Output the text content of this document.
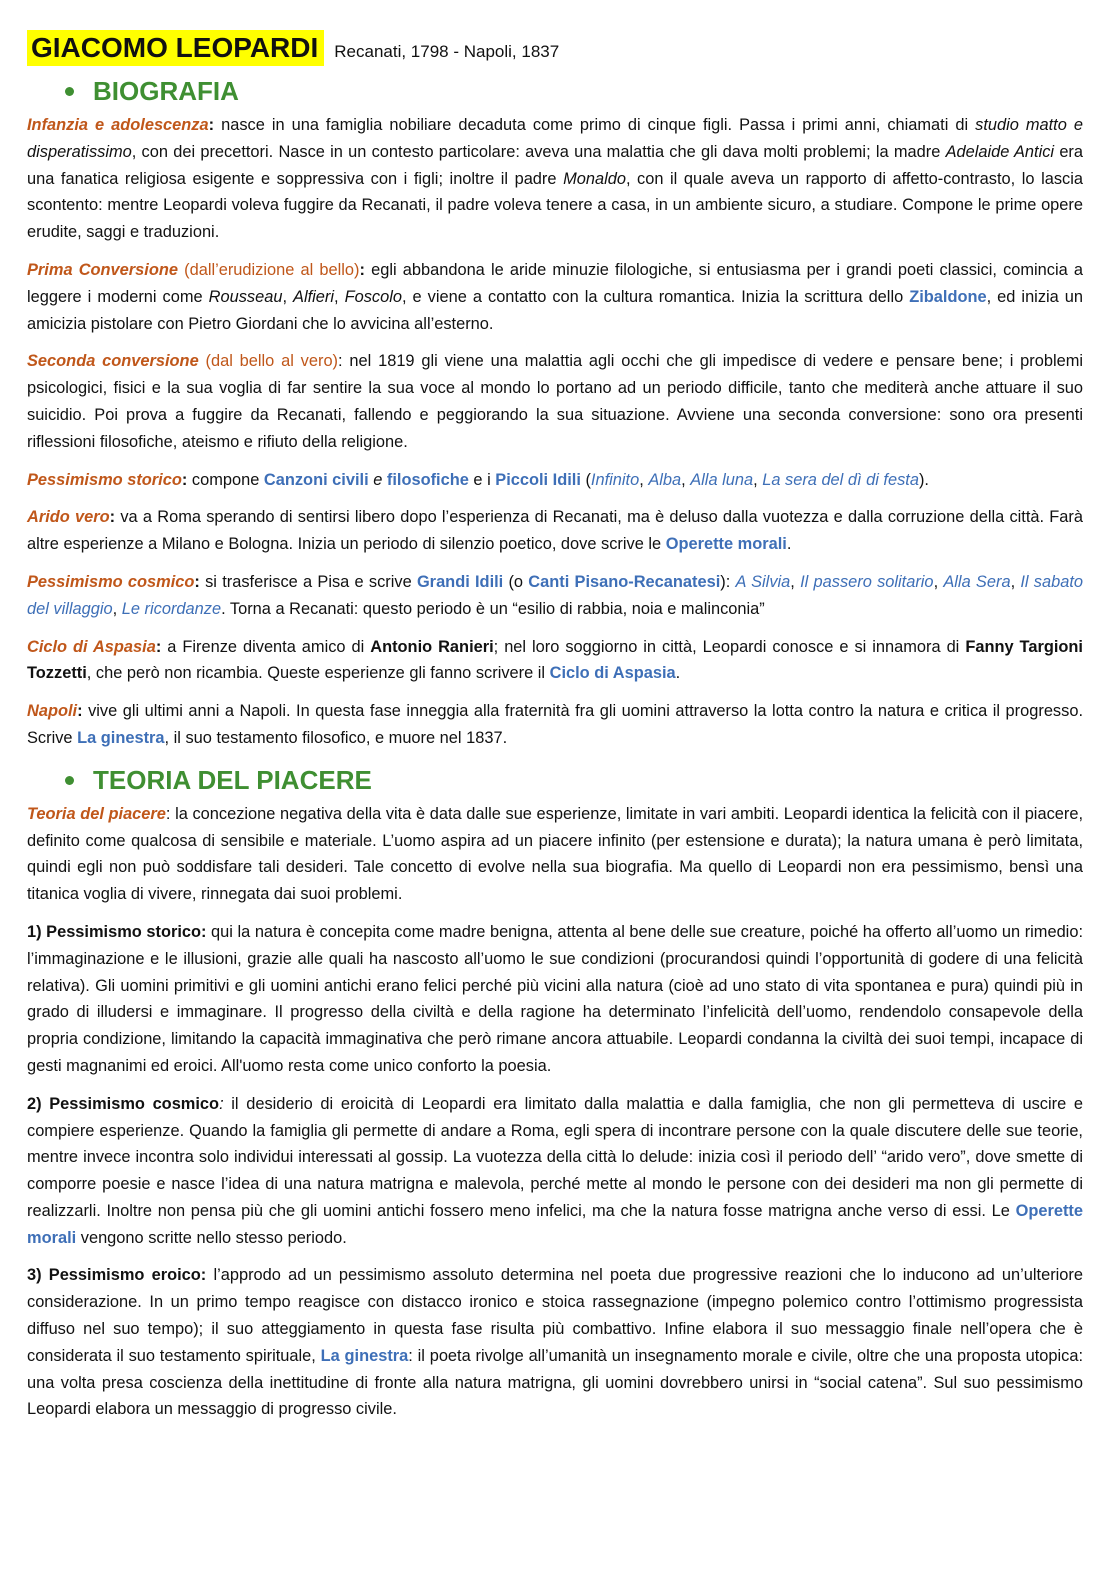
GIACOMO LEOPARDI Recanati, 1798 - Napoli, 1837
BIOGRAFIA

Infanzia e adolescenza: nasce in una famiglia nobiliare decaduta come primo di cinque figli. Passa i primi anni, chiamati di studio matto e disperatissimo, con dei precettori. Nasce in un contesto particolare: aveva una malattia che gli dava molti problemi; la madre Adelaide Antici era una fanatica religiosa esigente e soppressiva con i figli; inoltre il padre Monaldo, con il quale aveva un rapporto di affetto-contrasto, lo lascia scontento: mentre Leopardi voleva fuggire da Recanati, il padre voleva tenere a casa, in un ambiente sicuro, a studiare. Compone le prime opere erudite, saggi e traduzioni.

Prima Conversione (dall’erudizione al bello): egli abbandona le aride minuzie filologiche, si entusiasma per i grandi poeti classici, comincia a leggere i moderni come Rousseau, Alfieri, Foscolo, e viene a contatto con la cultura romantica. Inizia la scrittura dello Zibaldone, ed inizia un amicizia pistolare con Pietro Giordani che lo avvicina all’esterno.

Seconda conversione (dal bello al vero): nel 1819 gli viene una malattia agli occhi che gli impedisce di vedere e pensare bene; i problemi psicologici, fisici e la sua voglia di far sentire la sua voce al mondo lo portano ad un periodo difficile, tanto che mediterà anche attuare il suo suicidio. Poi prova a fuggire da Recanati, fallendo e peggiorando la sua situazione. Avviene una seconda conversione: sono ora presenti riflessioni filosofiche, ateismo e rifiuto della religione.

Pessimismo storico: compone Canzoni civili e filosofiche e i Piccoli Idili (Infinito, Alba, Alla luna, La sera del dì di festa).

Arido vero: va a Roma sperando di sentirsi libero dopo l’esperienza di Recanati, ma è deluso dalla vuotezza e dalla corruzione della città. Farà altre esperienze a Milano e Bologna. Inizia un periodo di silenzio poetico, dove scrive le Operette morali.

Pessimismo cosmico: si trasferisce a Pisa e scrive Grandi Idili (o Canti Pisano-Recanatesi): A Silvia, Il passero solitario, Alla Sera, Il sabato del villaggio, Le ricordanze. Torna a Recanati: questo periodo è un “esilio di rabbia, noia e malinconia”

Ciclo di Aspasia: a Firenze diventa amico di Antonio Ranieri; nel loro soggiorno in città, Leopardi conosce e si innamora di Fanny Targioni Tozzetti, che però non ricambia. Queste esperienze gli fanno scrivere il Ciclo di Aspasia.

Napoli: vive gli ultimi anni a Napoli. In questa fase inneggia alla fraternità fra gli uomini attraverso la lotta contro la natura e critica il progresso. Scrive La ginestra, il suo testamento filosofico, e muore nel 1837.

TEORIA DEL PIACERE

Teoria del piacere: la concezione negativa della vita è data dalle sue esperienze, limitate in vari ambiti. Leopardi identica la felicità con il piacere, definito come qualcosa di sensibile e materiale. L’uomo aspira ad un piacere infinito (per estensione e durata); la natura umana è però limitata, quindi egli non può soddisfare tali desideri. Tale concetto di evolve nella sua biografia. Ma quello di Leopardi non era pessimismo, bensì una titanica voglia di vivere, rinnegata dai suoi problemi.

1) Pessimismo storico: qui la natura è concepita come madre benigna, attenta al bene delle sue creature, poiché ha offerto all’uomo un rimedio: l’immaginazione e le illusioni, grazie alle quali ha nascosto all’uomo le sue condizioni (procurandosi quindi l’opportunità di godere di una felicità relativa). Gli uomini primitivi e gli uomini antichi erano felici perché più vicini alla natura (cioè ad uno stato di vita spontanea e pura) quindi più in grado di illudersi e immaginare. Il progresso della civiltà e della ragione ha determinato l’infelicità dell’uomo, rendendolo consapevole della propria condizione, limitando la capacità immaginativa che però rimane ancora attuabile. Leopardi condanna la civiltà dei suoi tempi, incapace di gesti magnanimi ed eroici. All'uomo resta come unico conforto la poesia.

2) Pessimismo cosmico: il desiderio di eroicità di Leopardi era limitato dalla malattia e dalla famiglia, che non gli permetteva di uscire e compiere esperienze. Quando la famiglia gli permette di andare a Roma, egli spera di incontrare persone con la quale discutere delle sue teorie, mentre invece incontra solo individui interessati al gossip. La vuotezza della città lo delude: inizia così il periodo dell’ “arido vero”, dove smette di comporre poesie e nasce l’idea di una natura matrigna e malevola, perché mette al mondo le persone con dei desideri ma non gli permette di realizzarli. Inoltre non pensa più che gli uomini antichi fossero meno infelici, ma che la natura fosse matrigna anche verso di essi. Le Operette morali vengono scritte nello stesso periodo.

3) Pessimismo eroico: l’approdo ad un pessimismo assoluto determina nel poeta due progressive reazioni che lo inducono ad un’ulteriore considerazione. In un primo tempo reagisce con distacco ironico e stoica rassegnazione (impegno polemico contro l’ottimismo progressista diffuso nel suo tempo); il suo atteggiamento in questa fase risulta più combattivo. Infine elabora il suo messaggio finale nell’opera che è considerata il suo testamento spirituale, La ginestra: il poeta rivolge all’umanità un insegnamento morale e civile, oltre che una proposta utopica: una volta presa coscienza della inettitudine di fronte alla natura matrigna, gli uomini dovrebbero unirsi in “social catena”. Sul suo pessimismo Leopardi elabora un messaggio di progresso civile.
